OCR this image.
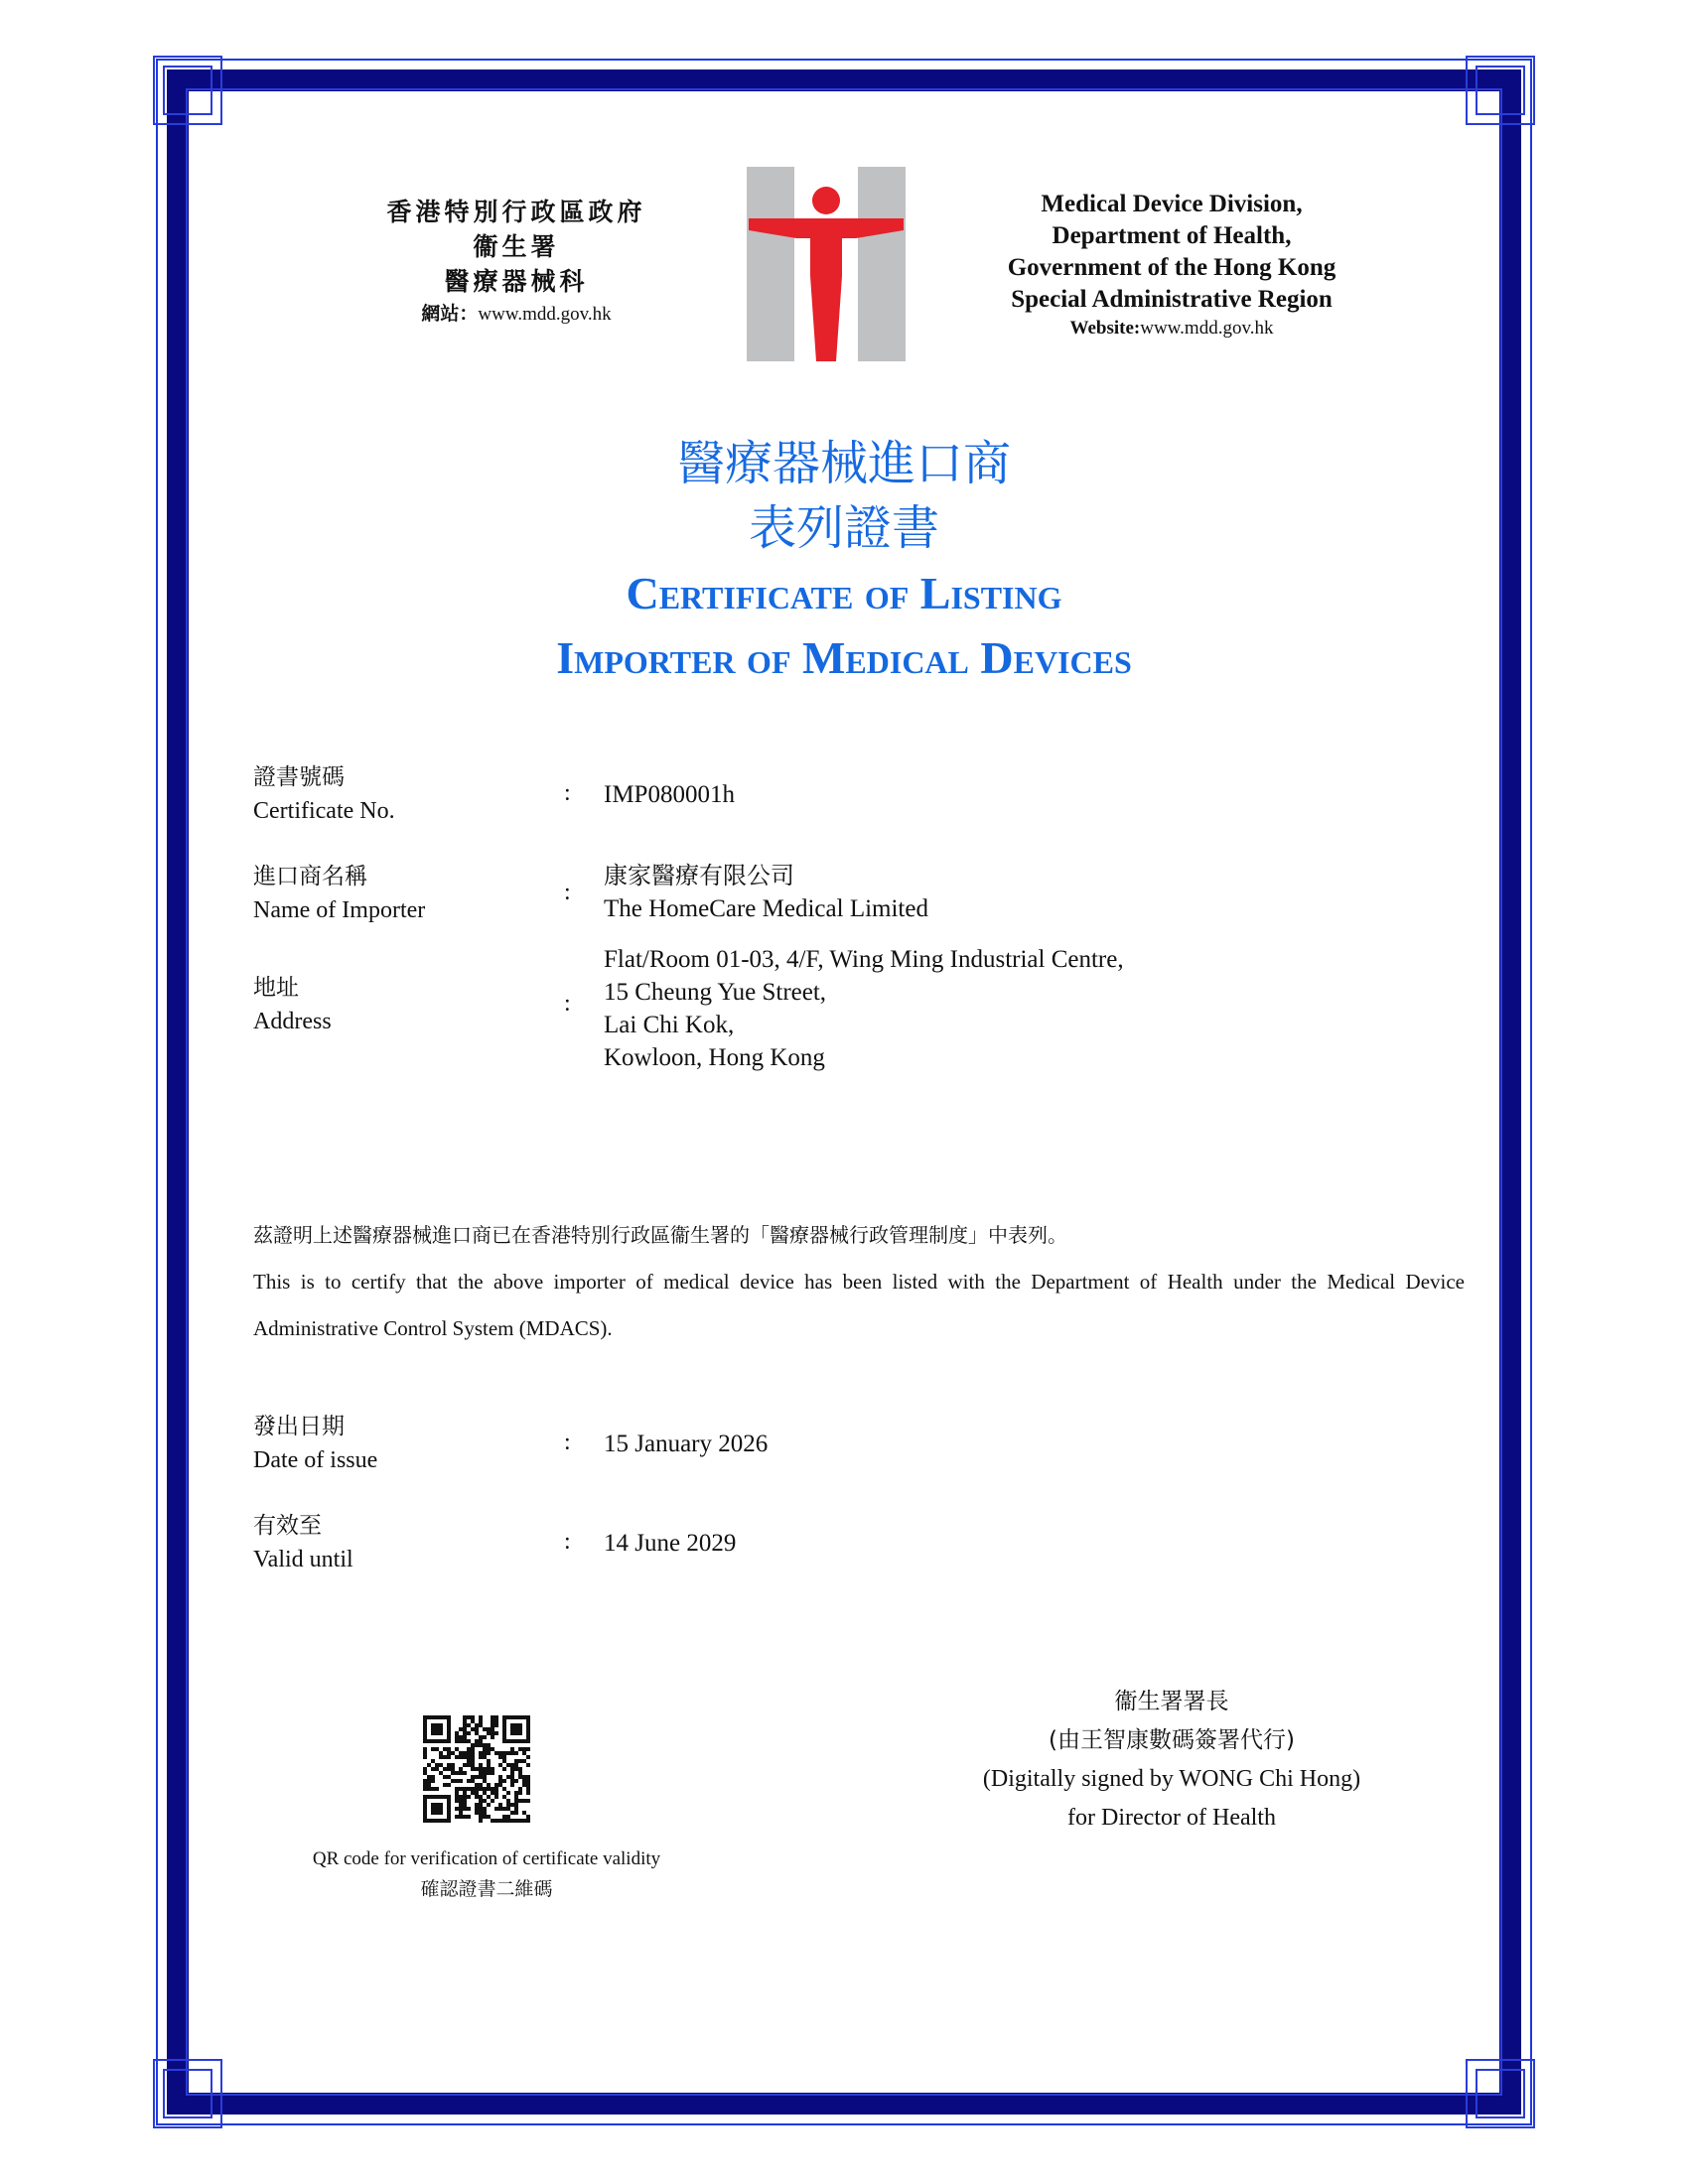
香港特別行政區政府
衞生署
醫療器械科
網站：www.mdd.gov.hk
Medical Device Division,
Department of Health,
Government of the Hong Kong
Special Administrative Region
Website:www.mdd.gov.hk
醫療器械進口商
表列證書
Certificate of Listing
Importer of Medical Devices
證書號碼
Certificate No.
: IMP080001h
進口商名稱
Name of Importer
:
康家醫療有限公司
The HomeCare Medical Limited
地址
Address
:
Flat/Room 01-03, 4/F, Wing Ming Industrial Centre,
15 Cheung Yue Street,
Lai Chi Kok,
Kowloon, Hong Kong
茲證明上述醫療器械進口商已在香港特別行政區衞生署的「醫療器械行政管理制度」中表列。
This is to certify that the above importer of medical device has been listed with the Department of Health under the Medical Device Administrative Control System (MDACS).
發出日期
Date of issue
: 15 January 2026
有效至
Valid until
: 14 June 2029
QR code for verification of certificate validity
確認證書二維碼
衞生署署長
(由王智康數碼簽署代行)
(Digitally signed by WONG Chi Hong)
for Director of Health
